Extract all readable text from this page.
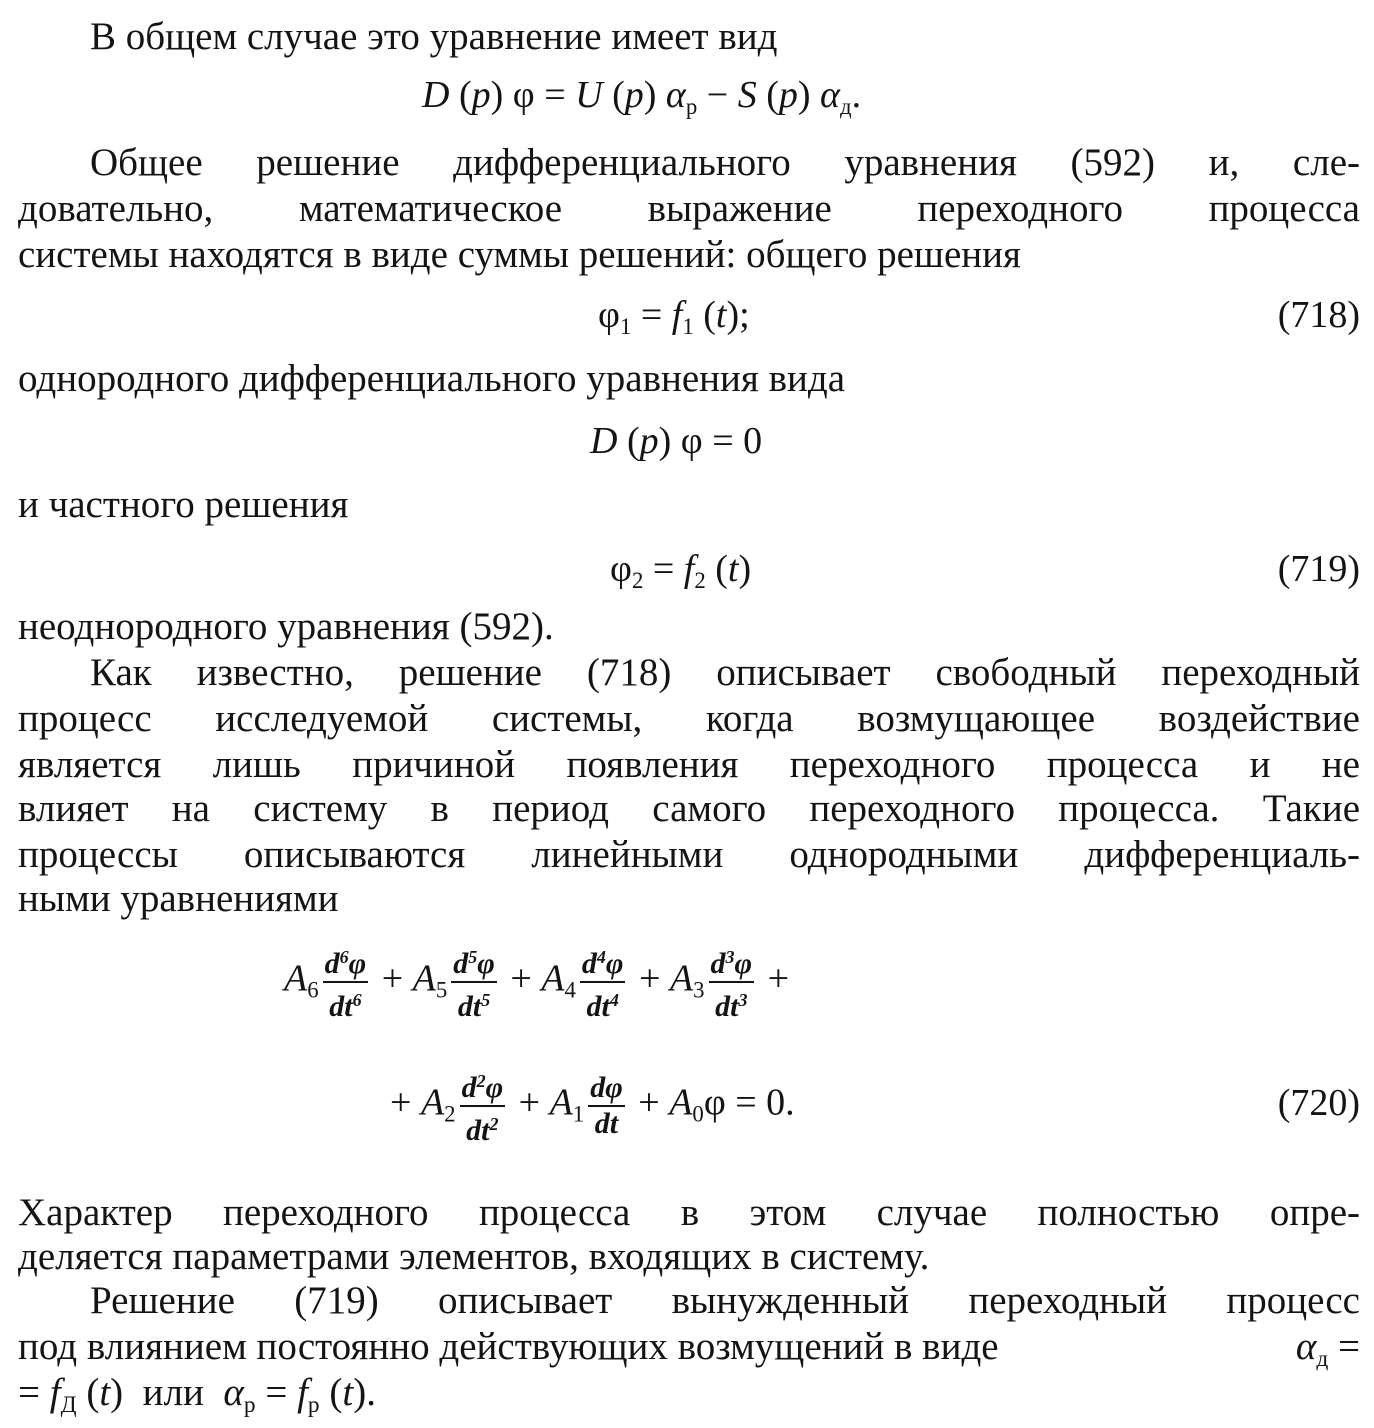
В общем случае это уравнение имеет вид
D (p) φ = U (p) $\alpha_р - S$ (p) $\alpha_д$.
Общее решение дифференциального уравнения (592) и, сле-
довательно, математическое выражение переходного процесса
системы находятся в виде суммы решений: общего решения
$\varphi_1 = f_1$ (t);	(718)
однородного дифференциального уравнения вида
D (p) φ = 0
и частного решения
$\varphi_2 = f_2$ (t)	(719)
неоднородного уравнения (592).
Как известно, решение (718) описывает свободный переходный
процесс исследуемой системы, когда возмущающее воздействие
является лишь причиной появления переходного процесса и не
влияет на систему в период самого переходного процесса. Такие
процессы описываются линейными однородными дифференциаль-
ными уравнениями
$A_6 \frac{d^6\varphi}{dt^6} + A_5 \frac{d^5\varphi}{dt^5} + A_4 \frac{d^4\varphi}{dt^4} + A_3 \frac{d^3\varphi}{dt^3}$ +
+ $A_2 \frac{d^2\varphi}{dt^2} + A_1 \frac{d\varphi}{dt} + A_0\varphi = 0$.	(720)
Характер переходного процесса в этом случае полностью опре-
деляется параметрами элементов, входящих в систему.
Решение (719) описывает вынужденный переходный процесс
под влиянием постоянно действующих возмущений в виде	$\alpha_д$ =
= $f_Д$ (t) или $\alpha_р = f_р$ (t).
